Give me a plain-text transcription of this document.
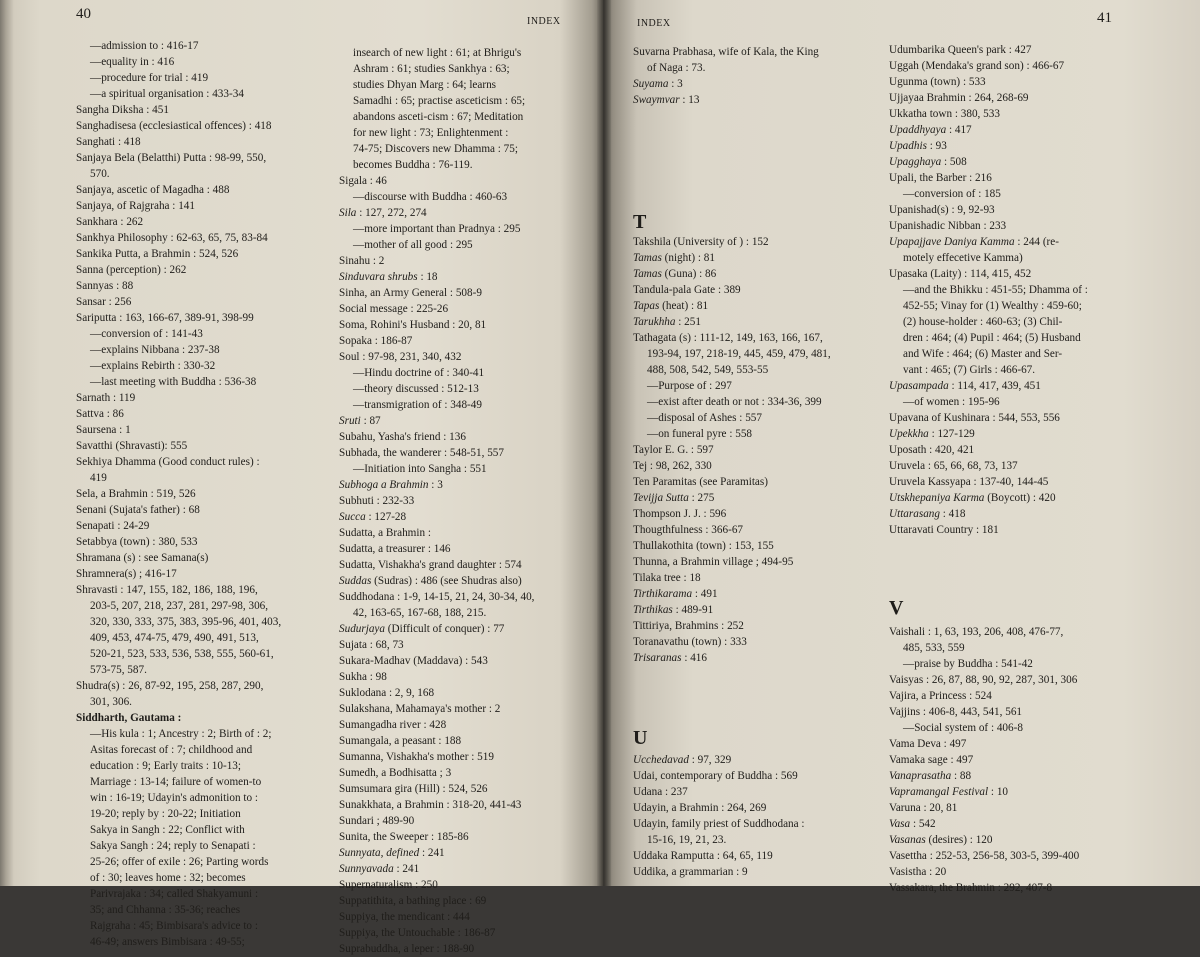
40	INDEX
—admission to : 416-17
—equality in : 416
—procedure for trial : 419
—a spiritual organisation : 433-34
Sangha Diksha : 451
Sanghadisesa (ecclesiastical offences) : 418
Sanghati : 418
Sanjaya Bela (Belatthi) Putta : 98-99, 550,
570.
Sanjaya, ascetic of Magadha : 488
Sanjaya, of Rajgraha : 141
Sankhara : 262
Sankhya Philosophy : 62-63, 65, 75, 83-84
Sankika Putta, a Brahmin : 524, 526
Sanna (perception) : 262
Sannyas : 88
Sansar : 256
Sariputta : 163, 166-67, 389-91, 398-99
—conversion of : 141-43
—explains Nibbana : 237-38
—explains Rebirth : 330-32
—last meeting with Buddha : 536-38
Sarnath : 119
Sattva : 86
Saursena : 1
Savatthi (Shravasti): 555
Sekhiya Dhamma (Good conduct rules) :
419
Sela, a Brahmin : 519, 526
Senani (Sujata's father) : 68
Senapati : 24-29
Setabbya (town) : 380, 533
Shramana (s) : see Samana(s)
Shramnera(s) ; 416-17
Shravasti : 147, 155, 182, 186, 188, 196,
203-5, 207, 218, 237, 281, 297-98, 306,
320, 330, 333, 375, 383, 395-96, 401, 403,
409, 453, 474-75, 479, 490, 491, 513,
520-21, 523, 533, 536, 538, 555, 560-61,
573-75, 587.
Shudra(s) : 26, 87-92, 195, 258, 287, 290,
301, 306.
Siddharth, Gautama :
—His kula : 1; Ancestry : 2; Birth of : 2;
Asitas forecast of : 7; childhood and
education : 9; Early traits : 10-13;
Marriage : 13-14; failure of women-to
win : 16-19; Udayin's admonition to :
19-20; reply by : 20-22; Initiation
Sakya in Sangh : 22; Conflict with
Sakya Sangh : 24; reply to Senapati :
25-26; offer of exile : 26; Parting words
of : 30; leaves home : 32; becomes
Parivrajaka : 34; called Shakyamuni :
35; and Chhanna : 35-36; reaches
Rajgraha : 45; Bimbisara's advice to :
46-49; answers Bimbisara : 49-55;
insearch of new light : 61; at Bhrigu's
Ashram : 61; studies Sankhya : 63;
studies Dhyan Marg : 64; learns
Samadhi : 65; practise asceticism : 65;
abandons asceti-cism : 67; Meditation
for new light : 73; Enlightenment :
74-75; Discovers new Dhamma : 75;
becomes Buddha : 76-119.
Sigala : 46
—discourse with Buddha : 460-63
Sila : 127, 272, 274
—more important than Pradnya : 295
—mother of all good : 295
Sinahu : 2
Sinduvara shrubs : 18
Sinha, an Army General : 508-9
Social message : 225-26
Soma, Rohini's Husband : 20, 81
Sopaka : 186-87
Soul : 97-98, 231, 340, 432
—Hindu doctrine of : 340-41
—theory discussed : 512-13
—transmigration of : 348-49
Sruti : 87
Subahu, Yasha's friend : 136
Subhada, the wanderer : 548-51, 557
—Initiation into Sangha : 551
Subhoga a Brahmin : 3
Subhuti : 232-33
Succa : 127-28
Sudatta, a Brahmin :
Sudatta, a treasurer : 146
Sudatta, Vishakha's grand daughter : 574
Suddas (Sudras) : 486 (see Shudras also)
Suddhodana : 1-9, 14-15, 21, 24, 30-34, 40,
42, 163-65, 167-68, 188, 215.
Sudurjaya (Difficult of conquer) : 77
Sujata : 68, 73
Sukara-Madhav (Maddava) : 543
Sukha : 98
Suklodana : 2, 9, 168
Sulakshana, Mahamaya's mother : 2
Sumangadha river : 428
Sumangala, a peasant : 188
Sumanna, Vishakha's mother : 519
Sumedh, a Bodhisatta ; 3
Sumsumara gira (Hill) : 524, 526
Sunakkhata, a Brahmin : 318-20, 441-43
Sundari ; 489-90
Sunita, the Sweeper : 185-86
Sunnyata, defined : 241
Sunnyavada : 241
Supernaturalism : 250
Suppatithita, a bathing place : 69
Suppiya, the mendicant : 444
Suppiya, the Untouchable : 186-87
Suprabuddha, a leper : 188-90
INDEX	41
Suvarna Prabhasa, wife of Kala, the King
of Naga : 73.
Suyama : 3
Swaymvar : 13
T
Takshila (University of ) : 152
Tamas (night) : 81
Tamas (Guna) : 86
Tandula-pala Gate : 389
Tapas (heat) : 81
Tarukhha : 251
Tathagata (s) : 111-12, 149, 163, 166, 167,
193-94, 197, 218-19, 445, 459, 479, 481,
488, 508, 542, 549, 553-55
—Purpose of : 297
—exist after death or not : 334-36, 399
—disposal of Ashes : 557
—on funeral pyre : 558
Taylor E. G. : 597
Tej : 98, 262, 330
Ten Paramitas (see Paramitas)
Tevijja Sutta : 275
Thompson J. J. : 596
Thougthfulness : 366-67
Thullakothita (town) : 153, 155
Thunna, a Brahmin village ; 494-95
Tilaka tree : 18
Tirthikarama : 491
Tirthikas : 489-91
Tittiriya, Brahmins : 252
Toranavathu (town) : 333
Trisaranas : 416
U
Ucchedavad : 97, 329
Udai, contemporary of Buddha : 569
Udana : 237
Udayin, a Brahmin : 264, 269
Udayin, family priest of Suddhodana :
15-16, 19, 21, 23.
Uddaka Ramputta : 64, 65, 119
Uddika, a grammarian : 9
Udumbarika Queen's park : 427
Uggah (Mendaka's grand son) : 466-67
Ugunma (town) : 533
Ujjayaa Brahmin : 264, 268-69
Ukkatha town : 380, 533
Upaddhyaya : 417
Upadhis : 93
Upagghaya : 508
Upali, the Barber : 216
—conversion of : 185
Upanishad(s) : 9, 92-93
Upanishadic Nibban : 233
Upapajjave Daniya Kamma : 244 (re-
motely effecetive Kamma)
Upasaka (Laity) : 114, 415, 452
—and the Bhikku : 451-55; Dhamma of :
452-55; Vinay for (1) Wealthy : 459-60;
(2) house-holder : 460-63; (3) Chil-
dren : 464; (4) Pupil : 464; (5) Husband
and Wife : 464; (6) Master and Ser-
vant : 465; (7) Girls : 466-67.
Upasampada : 114, 417, 439, 451
—of women : 195-96
Upavana of Kushinara : 544, 553, 556
Upekkha : 127-129
Uposath : 420, 421
Uruvela : 65, 66, 68, 73, 137
Uruvela Kassyapa : 137-40, 144-45
Utskhepaniya Karma (Boycott) : 420
Uttarasang : 418
Uttaravati Country : 181
V
Vaishali : 1, 63, 193, 206, 408, 476-77,
485, 533, 559
—praise by Buddha : 541-42
Vaisyas : 26, 87, 88, 90, 92, 287, 301, 306
Vajira, a Princess : 524
Vajjins : 406-8, 443, 541, 561
—Social system of : 406-8
Vama Deva : 497
Vamaka sage : 497
Vanaprasatha : 88
Vapramangal Festival : 10
Varuna : 20, 81
Vasa : 542
Vasanas (desires) : 120
Vasettha : 252-53, 256-58, 303-5, 399-400
Vasistha : 20
Vassakara, the Brahmin : 292, 407-8
